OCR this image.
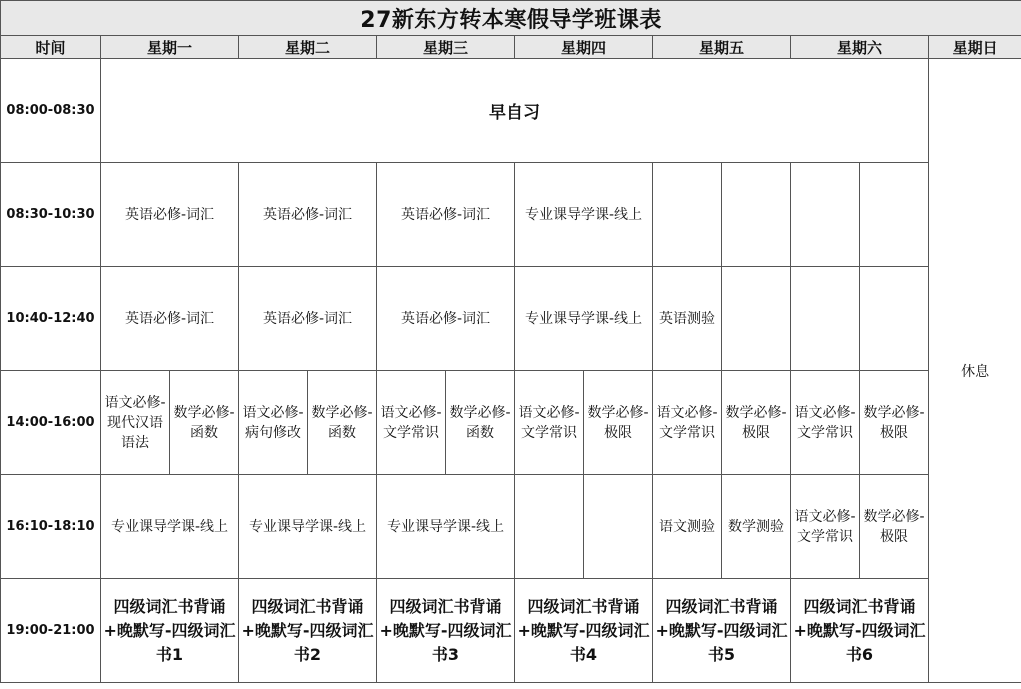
27新东方转本寒假导学班课表													
时间	星期一		星期二		星期三		星期四		星期五		星期六		星期日
08:00-08:30	早自习												休息
08:30-10:30	英语必修-词汇		英语必修-词汇		英语必修-词汇		专业课导学课-线上						
10:40-12:40	英语必修-词汇		英语必修-词汇		英语必修-词汇		专业课导学课-线上		英语测验				
14:00-16:00	语文必修-现代汉语语法	数学必修-函数	语文必修-病句修改	数学必修-函数	语文必修-文学常识	数学必修-函数	语文必修-文学常识	数学必修-极限	语文必修-文学常识	数学必修-极限	语文必修-文学常识	数学必修-极限	
16:10-18:10	专业课导学课-线上		专业课导学课-线上		专业课导学课-线上				语文测验	数学测验	语文必修-文学常识	数学必修-极限	
19:00-21:00	四级词汇书背诵+晚默写-四级词汇书1		四级词汇书背诵+晚默写-四级词汇书2		四级词汇书背诵+晚默写-四级词汇书3		四级词汇书背诵+晚默写-四级词汇书4		四级词汇书背诵+晚默写-四级词汇书5		四级词汇书背诵+晚默写-四级词汇书6		
